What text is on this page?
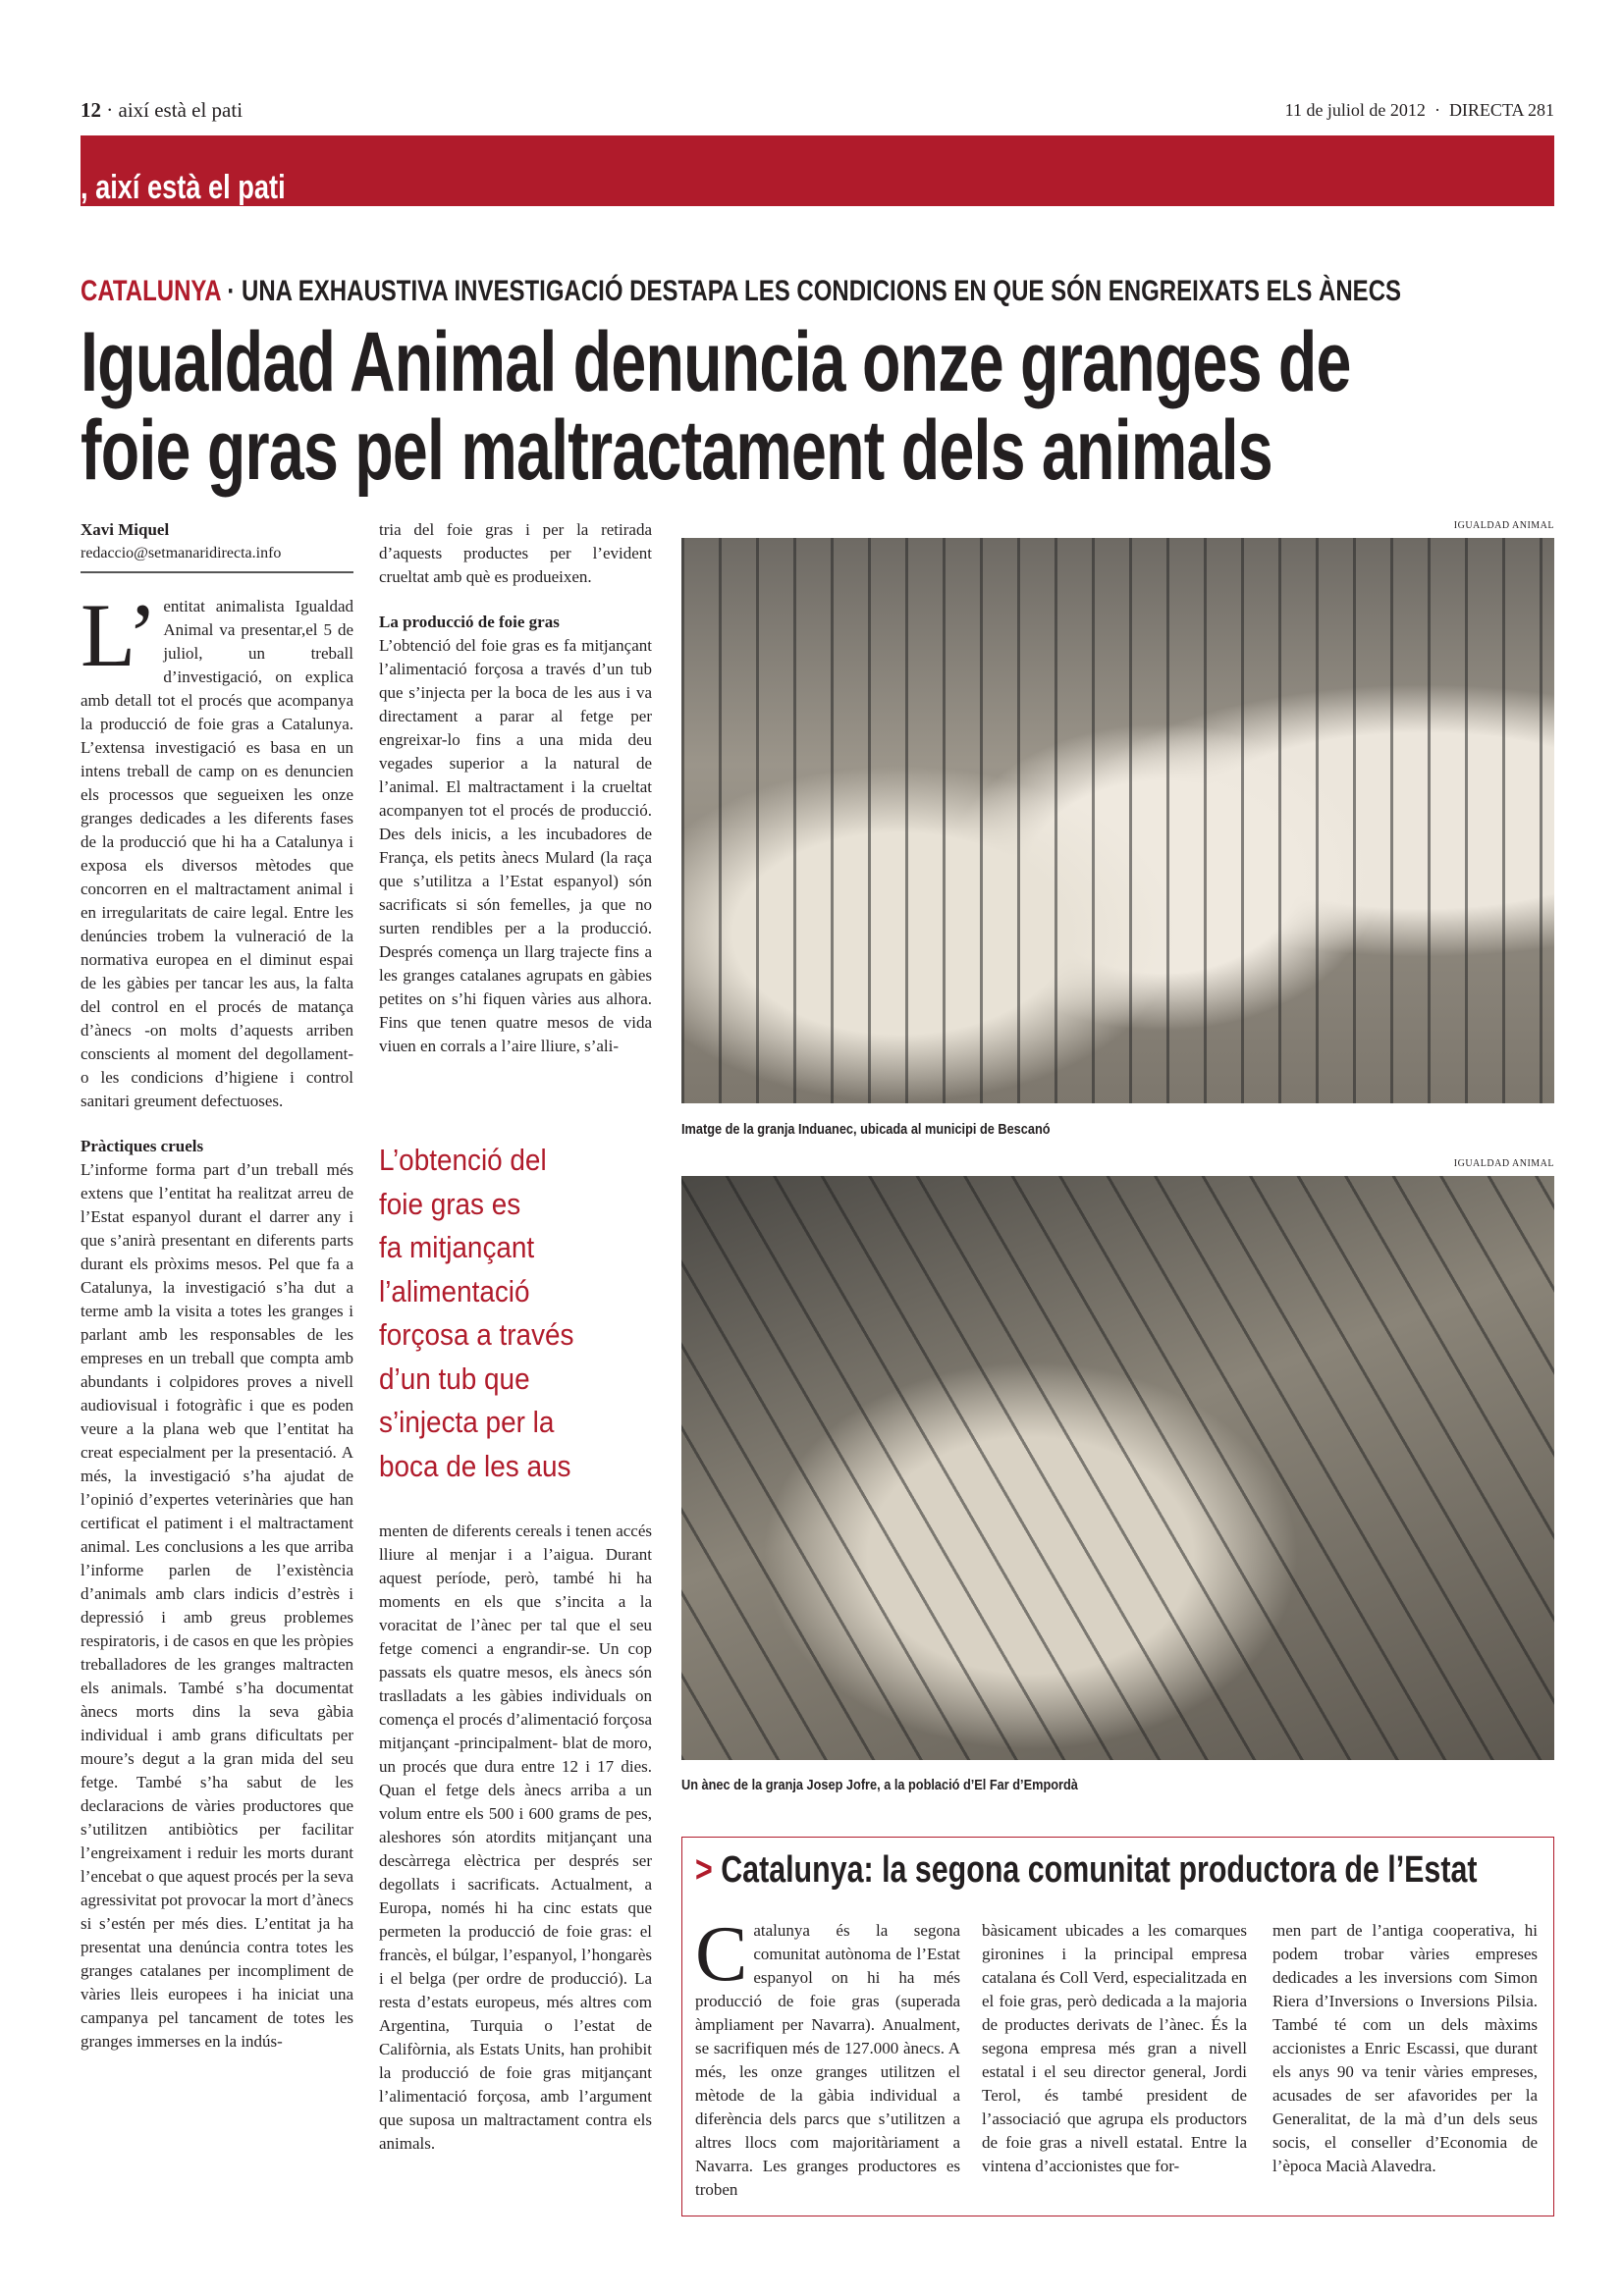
12 · així està el pati	11 de juliol de 2012  ·  DIRECTA 281
, així està el pati
CATALUNYA · UNA EXHAUSTIVA INVESTIGACIÓ DESTAPA LES CONDICIONS EN QUE SÓN ENGREIXATS ELS ÀNECS
Igualdad Animal denuncia onze granges de
foie gras pel maltractament dels animals

Xavi Miquel

redaccio@setmanaridirecta.info

L’ entitat animalista Igualdad Animal va presentar,el 5 de juliol, un treball d’investigació, on explica amb detall tot el procés que acompanya la producció de foie gras a Catalunya. L’extensa investigació es basa en un intens treball de camp on es denuncien els processos que segueixen les onze granges dedicades a les diferents fases de la producció que hi ha a Catalunya i exposa els diversos mètodes que concorren en el maltractament animal i en irregularitats de caire legal. Entre les denúncies trobem la vulneració de la normativa europea en el diminut espai de les gàbies per tancar les aus, la falta del control en el procés de matança d’ànecs -on molts d’aquests arriben conscients al moment del degollament- o les condicions d’higiene i control sanitari greument defectuoses.

Pràctiques cruels

L’informe forma part d’un treball més extens que l’entitat ha realitzat arreu de l’Estat espanyol durant el darrer any i que s’anirà presentant en diferents parts durant els pròxims mesos. Pel que fa a Catalunya, la investigació s’ha dut a terme amb la visita a totes les granges i parlant amb les responsables de les empreses en un treball que compta amb abundants i colpidores proves a nivell audiovisual i fotogràfic i que es poden veure a la plana web que l’entitat ha creat especialment per la presentació. A més, la investigació s’ha ajudat de l’opinió d’expertes veterinàries que han certificat el patiment i el maltractament animal. Les conclusions a les que arriba l’informe parlen de l’existència d’animals amb clars indicis d’estrès i depressió i amb greus problemes respiratoris, i de casos en que les pròpies treballadores de les granges maltracten els animals. També s’ha documentat ànecs morts dins la seva gàbia individual i amb grans dificultats per moure’s degut a la gran mida del seu fetge. També s’ha sabut de les declaracions de vàries productores que s’utilitzen antibiòtics per facilitar l’engreixament i reduir les morts durant l’encebat o que aquest procés per la seva agressivitat pot provocar la mort d’ànecs si s’estén per més dies. L’entitat ja ha presentat una denúncia contra totes les granges catalanes per incompliment de vàries lleis europees i ha iniciat una campanya pel tancament de totes les granges immerses en la indús-

tria del foie gras i per la retirada d’aquests productes per l’evident crueltat amb què es produeixen.

La producció de foie gras

L’obtenció del foie gras es fa mitjançant l’alimentació forçosa a través d’un tub que s’injecta per la boca de les aus i va directament a parar al fetge per engreixar-lo fins a una mida deu vegades superior a la natural de l’animal. El maltractament i la crueltat acompanyen tot el procés de producció. Des dels inicis, a les incubadores de França, els petits ànecs Mulard (la raça que s’utilitza a l’Estat espanyol) són sacrificats si són femelles, ja que no surten rendibles per a la producció. Després comença un llarg trajecte fins a les granges catalanes agrupats en gàbies petites on s’hi fiquen vàries aus alhora. Fins que tenen quatre mesos de vida viuen en corrals a l’aire lliure, s’ali-

L’obtenció del
foie gras es
fa mitjançant
l’alimentació
forçosa a través
d’un tub que
s’injecta per la
boca de les aus

menten de diferents cereals i tenen accés lliure al menjar i a l’aigua. Durant aquest període, però, també hi ha moments en els que s’incita a la voracitat de l’ànec per tal que el seu fetge comenci a engrandir-se. Un cop passats els quatre mesos, els ànecs són traslladats a les gàbies individuals on comença el procés d’alimentació forçosa mitjançant -principalment- blat de moro, un procés que dura entre 12 i 17 dies. Quan el fetge dels ànecs arriba a un volum entre els 500 i 600 grams de pes, aleshores són atordits mitjançant una descàrrega elèctrica per després ser degollats i sacrificats. Actualment, a Europa, només hi ha cinc estats que permeten la producció de foie gras: el francès, el búlgar, l’espanyol, l’hongarès i el belga (per ordre de producció). La resta d’estats europeus, més altres com Argentina, Turquia o l’estat de Califòrnia, als Estats Units, han prohibit la producció de foie gras mitjançant l’alimentació forçosa, amb l’argument que suposa un maltractament contra els animals.

IGUALDAD ANIMAL
Imatge de la granja Induanec, ubicada al municipi de Bescanó
IGUALDAD ANIMAL
Un ànec de la granja Josep Jofre, a la població d’El Far d’Empordà
> Catalunya: la segona comunitat productora de l’Estat

Catalunya és la segona comunitat autònoma de l’Estat espanyol on hi ha més producció de foie gras (superada àmpliament per Navarra). Anualment, se sacrifiquen més de 127.000 ànecs. A més, les onze granges utilitzen el mètode de la gàbia individual a diferència dels parcs que s’utilitzen a altres llocs com majoritàriament a Navarra. Les granges productores es troben

bàsicament ubicades a les comarques gironines i la principal empresa catalana és Coll Verd, especialitzada en el foie gras, però dedicada a la majoria de productes derivats de l’ànec. És la segona empresa més gran a nivell estatal i el seu director general, Jordi Terol, és també president de l’associació que agrupa els productors de foie gras a nivell estatal. Entre la vintena d’accionistes que for-

men part de l’antiga cooperativa, hi podem trobar vàries empreses dedicades a les inversions com Simon Riera d’Inversions o Inversions Pilsia. També té com un dels màxims accionistes a Enric Escassi, que durant els anys 90 va tenir vàries empreses, acusades de ser afavorides per la Generalitat, de la mà d’un dels seus socis, el conseller d’Economia de l’època Macià Alavedra.
